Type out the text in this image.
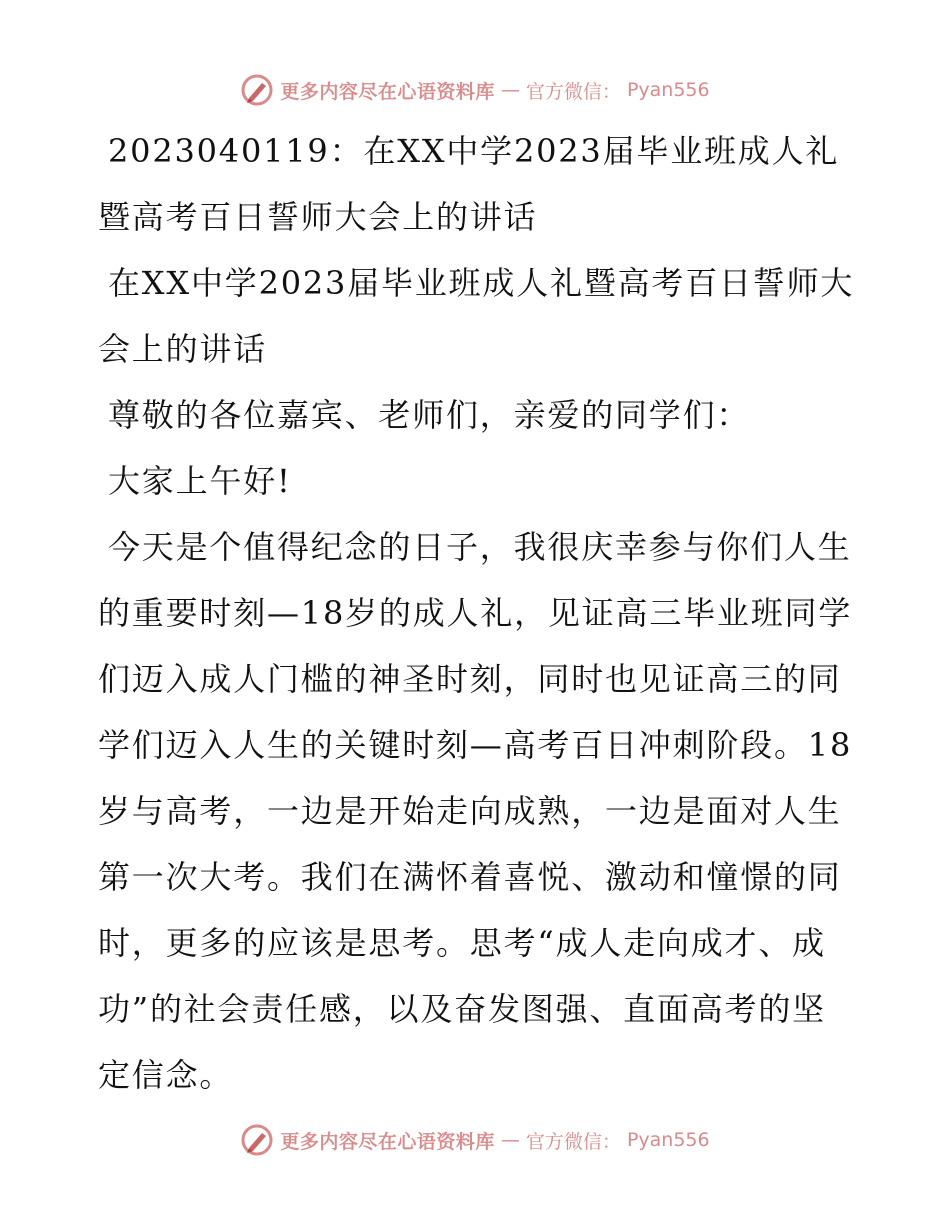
更多内容尽在心语资料库 — 官方微信： Pyan556

2023040119：在XX中学2023届毕业班成人礼暨高考百日誓师大会上的讲话

在XX中学2023届毕业班成人礼暨高考百日誓师大会上的讲话

尊敬的各位嘉宾、老师们，亲爱的同学们：

大家上午好!

今天是个值得纪念的日子，我很庆幸参与你们人生的重要时刻—18岁的成人礼，见证高三毕业班同学们迈入成人门槛的神圣时刻，同时也见证高三的同学们迈入人生的关键时刻—高考百日冲刺阶段。18岁与高考，一边是开始走向成熟，一边是面对人生第一次大考。我们在满怀着喜悦、激动和憧憬的同时，更多的应该是思考。思考“成人走向成才、成功”的社会责任感，以及奋发图强、直面高考的坚定信念。

更多内容尽在心语资料库 — 官方微信： Pyan556
